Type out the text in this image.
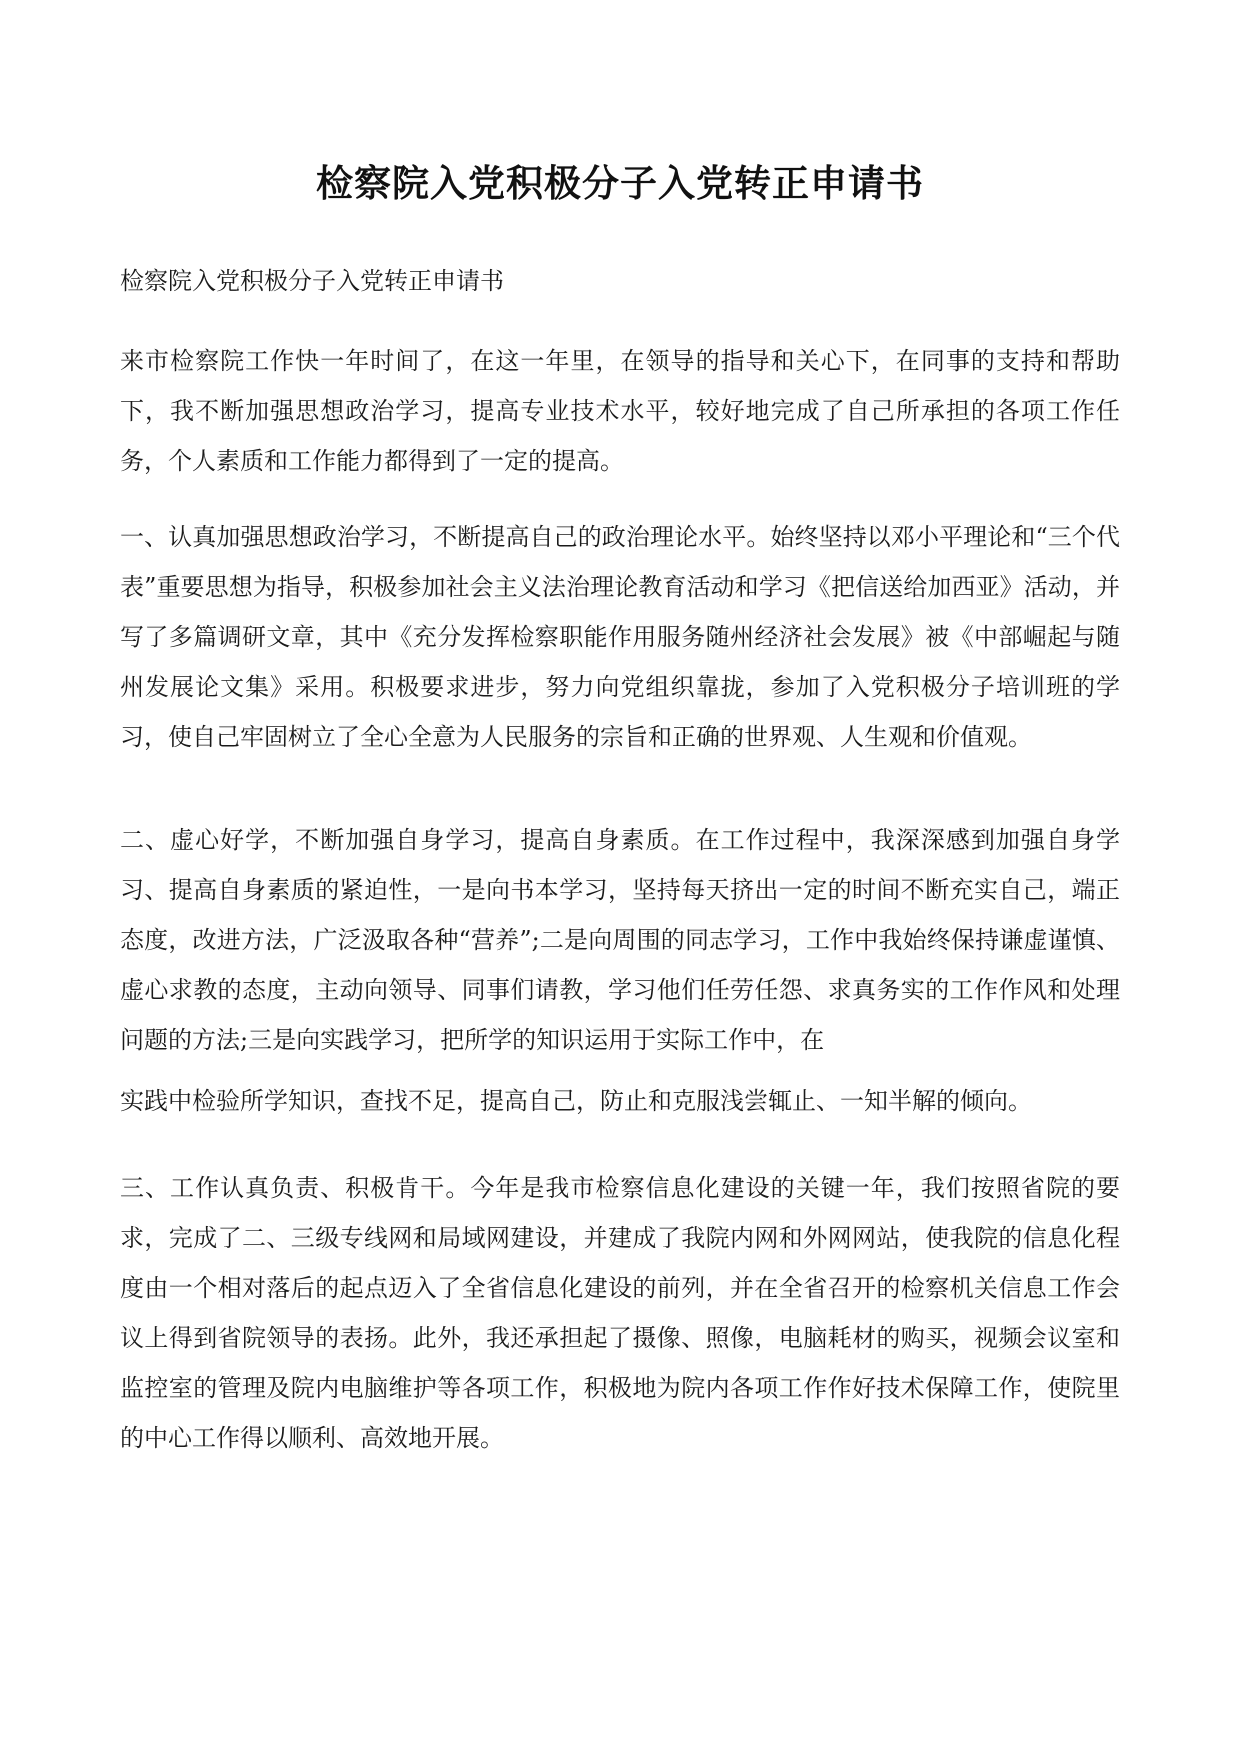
检察院入党积极分子入党转正申请书

检察院入党积极分子入党转正申请书

来市检察院工作快一年时间了，在这一年里，在领导的指导和关心下，在同事的支持和帮助下，我不断加强思想政治学习，提高专业技术水平，较好地完成了自己所承担的各项工作任务，个人素质和工作能力都得到了一定的提高。

一、认真加强思想政治学习，不断提高自己的政治理论水平。始终坚持以邓小平理论和“三个代表”重要思想为指导，积极参加社会主义法治理论教育活动和学习《把信送给加西亚》活动，并写了多篇调研文章，其中《充分发挥检察职能作用服务随州经济社会发展》被《中部崛起与随州发展论文集》采用。积极要求进步，努力向党组织靠拢，参加了入党积极分子培训班的学习，使自己牢固树立了全心全意为人民服务的宗旨和正确的世界观、人生观和价值观。

二、虚心好学，不断加强自身学习，提高自身素质。在工作过程中，我深深感到加强自身学习、提高自身素质的紧迫性，一是向书本学习，坚持每天挤出一定的时间不断充实自己，端正态度，改进方法，广泛汲取各种“营养”;二是向周围的同志学习，工作中我始终保持谦虚谨慎、虚心求教的态度，主动向领导、同事们请教，学习他们任劳任怨、求真务实的工作作风和处理问题的方法;三是向实践学习，把所学的知识运用于实际工作中，在

实践中检验所学知识，查找不足，提高自己，防止和克服浅尝辄止、一知半解的倾向。

三、工作认真负责、积极肯干。今年是我市检察信息化建设的关键一年，我们按照省院的要求，完成了二、三级专线网和局域网建设，并建成了我院内网和外网网站，使我院的信息化程度由一个相对落后的起点迈入了全省信息化建设的前列，并在全省召开的检察机关信息工作会议上得到省院领导的表扬。此外，我还承担起了摄像、照像，电脑耗材的购买，视频会议室和监控室的管理及院内电脑维护等各项工作，积极地为院内各项工作作好技术保障工作，使院里的中心工作得以顺利、高效地开展。
